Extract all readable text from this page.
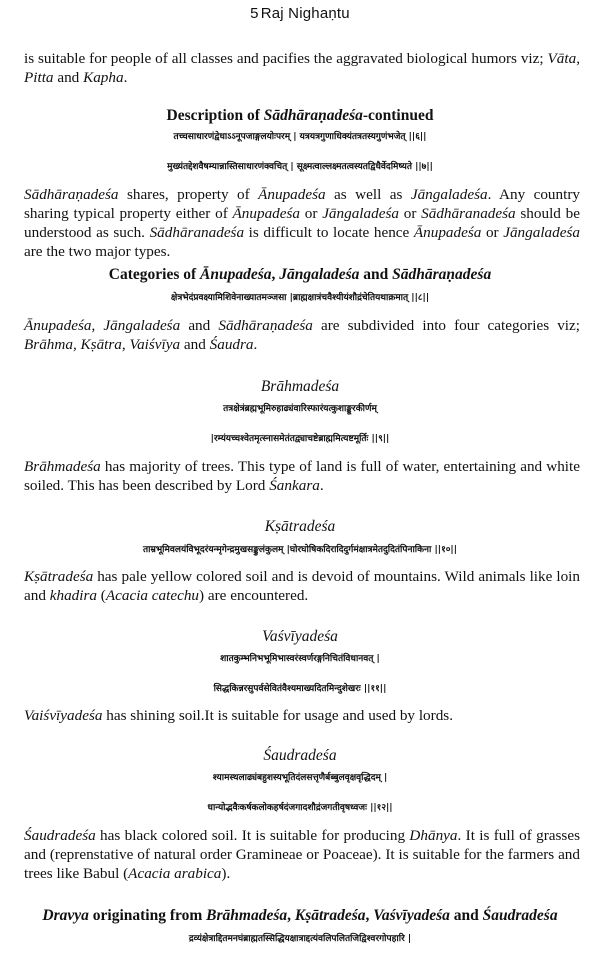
5 Raj Nighaṇtu
is suitable for people of all classes and pacifies the aggravated biological humors viz; Vāta, Pitta and Kapha.
Description of Sādhāraṇadeśa-continued
तच्चसाधारणंद्वेधाऽऽनूपजाङ्गलयोःपरम् | यत्रयत्रगुणाधिक्यंतत्रतस्यगुणंभजेत् ||६||
मुख्यंतद्देशवैषम्यान्नास्तिसाधारणंक्वचित् | सूक्ष्मत्वाल्लक्ष्मतत्वस्यतद्विधैर्वेदमिष्यते ||७||
Sādhāraṇadeśa shares, property of Ānupadeśa as well as Jāngaladeśa. Any country sharing typical property either of Ānupadeśa or Jāngaladeśa or Sādhāranadeśa should be understood as such. Sādhāranadeśa is difficult to locate hence Ānupadeśa or Jāngaladeśa are the two major types.
Categories of Ānupadeśa, Jāngaladeśa and Sādhāraṇadeśa
क्षेत्रभेदंप्रवक्ष्यामिशिवेनाख्यातमञ्जसा |ब्राह्मक्षात्रंचवैश्यीयंशौद्रंचेतियथाक्रमात् ||८||
Ānupadeśa, Jāngaladeśa and Sādhāraṇadeśa are subdivided into four categories viz; Brāhma, Kṣātra, Vaiśvīya and Śaudra.
Brāhmadeśa
तत्रक्षेत्रंब्रह्मभूमिरुहाढ्यंवारिस्फारंयत्कुशाङ्कूरकीर्णम्
|रम्यंयच्चश्वेतमृत्स्नासमेतंतद्व्याचष्टेब्राह्ममित्यष्टमूर्तिः ||९||
Brāhmadeśa has majority of trees. This type of land is full of water, entertaining and white soiled. This has been described by Lord Śankara.
Kṣātradeśa
ताम्रभूमिवलयंविभूदरंयन्मृगेन्द्रमुखसङ्कुलंकुलम् |घोरघोषिकदिरादिदुर्गमंक्षात्रमेतदुदितंपिनाकिना ||१०||
Kṣātradeśa has pale yellow colored soil and is devoid of mountains. Wild animals like loin and khadira (Acacia catechu) are encountered.
Vaśvīyadeśa
शातकुम्भनिभभूमिभास्वरंस्वर्णरङ्गनिचितंविधानवत् |
सिद्धकिन्नरसुपर्वसेवितंवैश्यमाख्यदितमिन्दुशेखरः ||११||
Vaiśvīyadeśa has shining soil.It is suitable for usage and used by lords.
Śaudradeśa
श्यामस्थलाढ्यंबहुशस्यभूतिदंलसत्तृणैर्बब्बुलवृक्षवृद्धिदम् |
धान्योद्भवैःकर्षकलोकहर्षदंजगादशौद्रंजगतीवृषध्वजः ||१२||
Śaudradeśa has black colored soil. It is suitable for producing Dhānya. It is full of grasses and (reprenstative of natural order Gramineae or Poaceae). It is suitable for the farmers and trees like Babul (Acacia arabica).
Dravya originating from Brāhmadeśa, Kṣātradeśa, Vaśvīyadeśa and Śaudradeśa
द्रव्यंक्षेत्राद्दितमनघंब्राह्मतस्सिद्धियक्षात्राद्दत्यंवलिपलितजिद्विश्वरगोपहारि |
